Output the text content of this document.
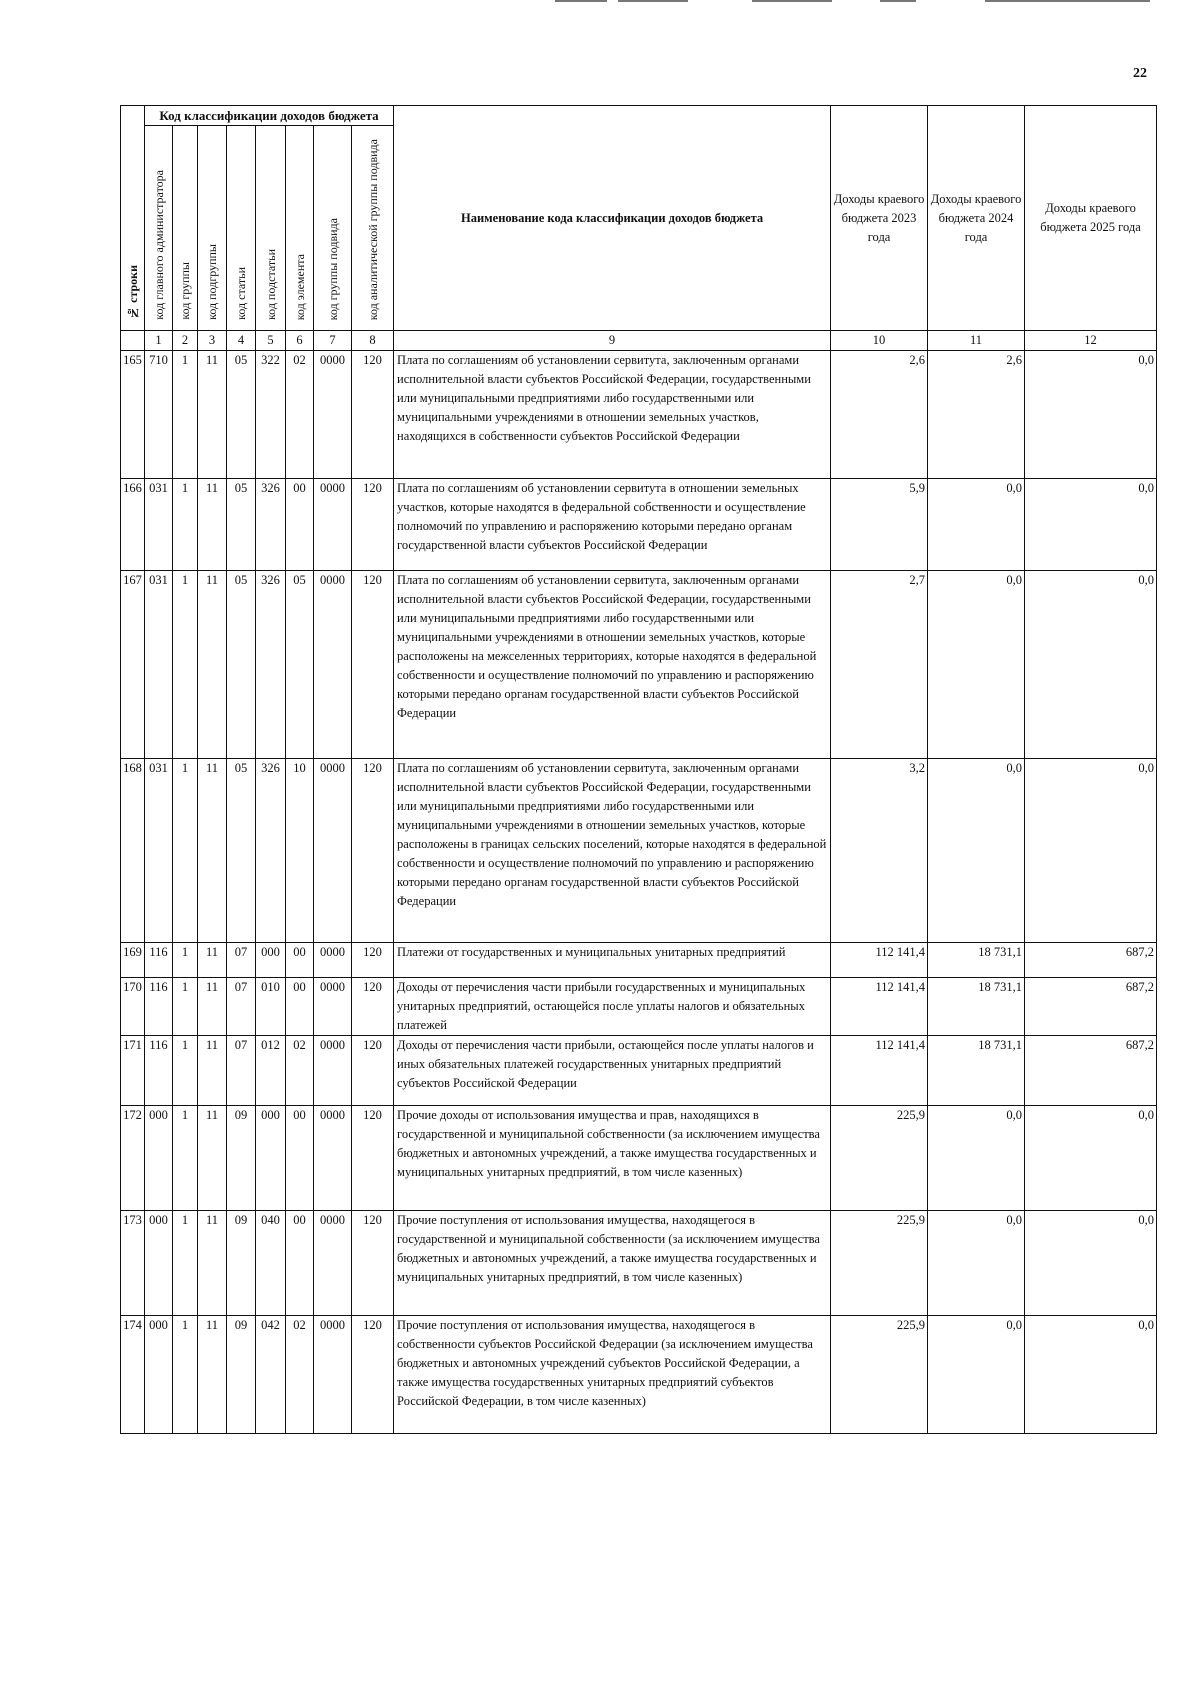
22
№ строки	Код классификации доходов бюджета								Наименование кода классификации доходов бюджета	Доходы краевого бюджета 2023 года	Доходы краевого бюджета 2024 года	Доходы краевого бюджета 2025 года
	код главного администратора	код группы	код подгруппы	код статьи	код подстатьи	код элемента	код группы подвида	код аналитической группы подвида				
	1	2	3	4	5	6	7	8	9	10	11	12
165	710	1	11	05	322	02	0000	120	Плата по соглашениям об установлении сервитута, заключенным органами исполнительной власти субъектов Российской Федерации, государственными или муниципальными предприятиями либо государственными или муниципальными учреждениями в отношении земельных участков, находящихся в собственности субъектов Российской Федерации	2,6	2,6	0,0
166	031	1	11	05	326	00	0000	120	Плата по соглашениям об установлении сервитута в отношении земельных участков, которые находятся в федеральной собственности и осуществление полномочий по управлению и распоряжению которыми передано органам государственной власти субъектов Российской Федерации	5,9	0,0	0,0
167	031	1	11	05	326	05	0000	120	Плата по соглашениям об установлении сервитута, заключенным органами исполнительной власти субъектов Российской Федерации, государственными или муниципальными предприятиями либо государственными или муниципальными учреждениями в отношении земельных участков, которые расположены на межселенных территориях, которые находятся в федеральной собственности и осуществление полномочий по управлению и распоряжению которыми передано органам государственной власти субъектов Российской Федерации	2,7	0,0	0,0
168	031	1	11	05	326	10	0000	120	Плата по соглашениям об установлении сервитута, заключенным органами исполнительной власти субъектов Российской Федерации, государственными или муниципальными предприятиями либо государственными или муниципальными учреждениями в отношении земельных участков, которые расположены в границах сельских поселений, которые находятся в федеральной собственности и осуществление полномочий по управлению и распоряжению которыми передано органам государственной власти субъектов Российской Федерации	3,2	0,0	0,0
169	116	1	11	07	000	00	0000	120	Платежи от государственных и муниципальных унитарных предприятий	112 141,4	18 731,1	687,2
170	116	1	11	07	010	00	0000	120	Доходы от перечисления части прибыли государственных и муниципальных унитарных предприятий, остающейся после уплаты налогов и обязательных платежей	112 141,4	18 731,1	687,2
171	116	1	11	07	012	02	0000	120	Доходы от перечисления части прибыли, остающейся после уплаты налогов и иных обязательных платежей государственных унитарных предприятий субъектов Российской Федерации	112 141,4	18 731,1	687,2
172	000	1	11	09	000	00	0000	120	Прочие доходы от использования имущества и прав, находящихся в государственной и муниципальной собственности (за исключением имущества бюджетных и автономных учреждений, а также имущества государственных и муниципальных унитарных предприятий, в том числе казенных)	225,9	0,0	0,0
173	000	1	11	09	040	00	0000	120	Прочие поступления от использования имущества, находящегося в государственной и муниципальной собственности (за исключением имущества бюджетных и автономных учреждений, а также имущества государственных и муниципальных унитарных предприятий, в том числе казенных)	225,9	0,0	0,0
174	000	1	11	09	042	02	0000	120	Прочие поступления от использования имущества, находящегося в собственности субъектов Российской Федерации (за исключением имущества бюджетных и автономных учреждений субъектов Российской Федерации, а также имущества государственных унитарных предприятий субъектов Российской Федерации, в том числе казенных)	225,9	0,0	0,0
